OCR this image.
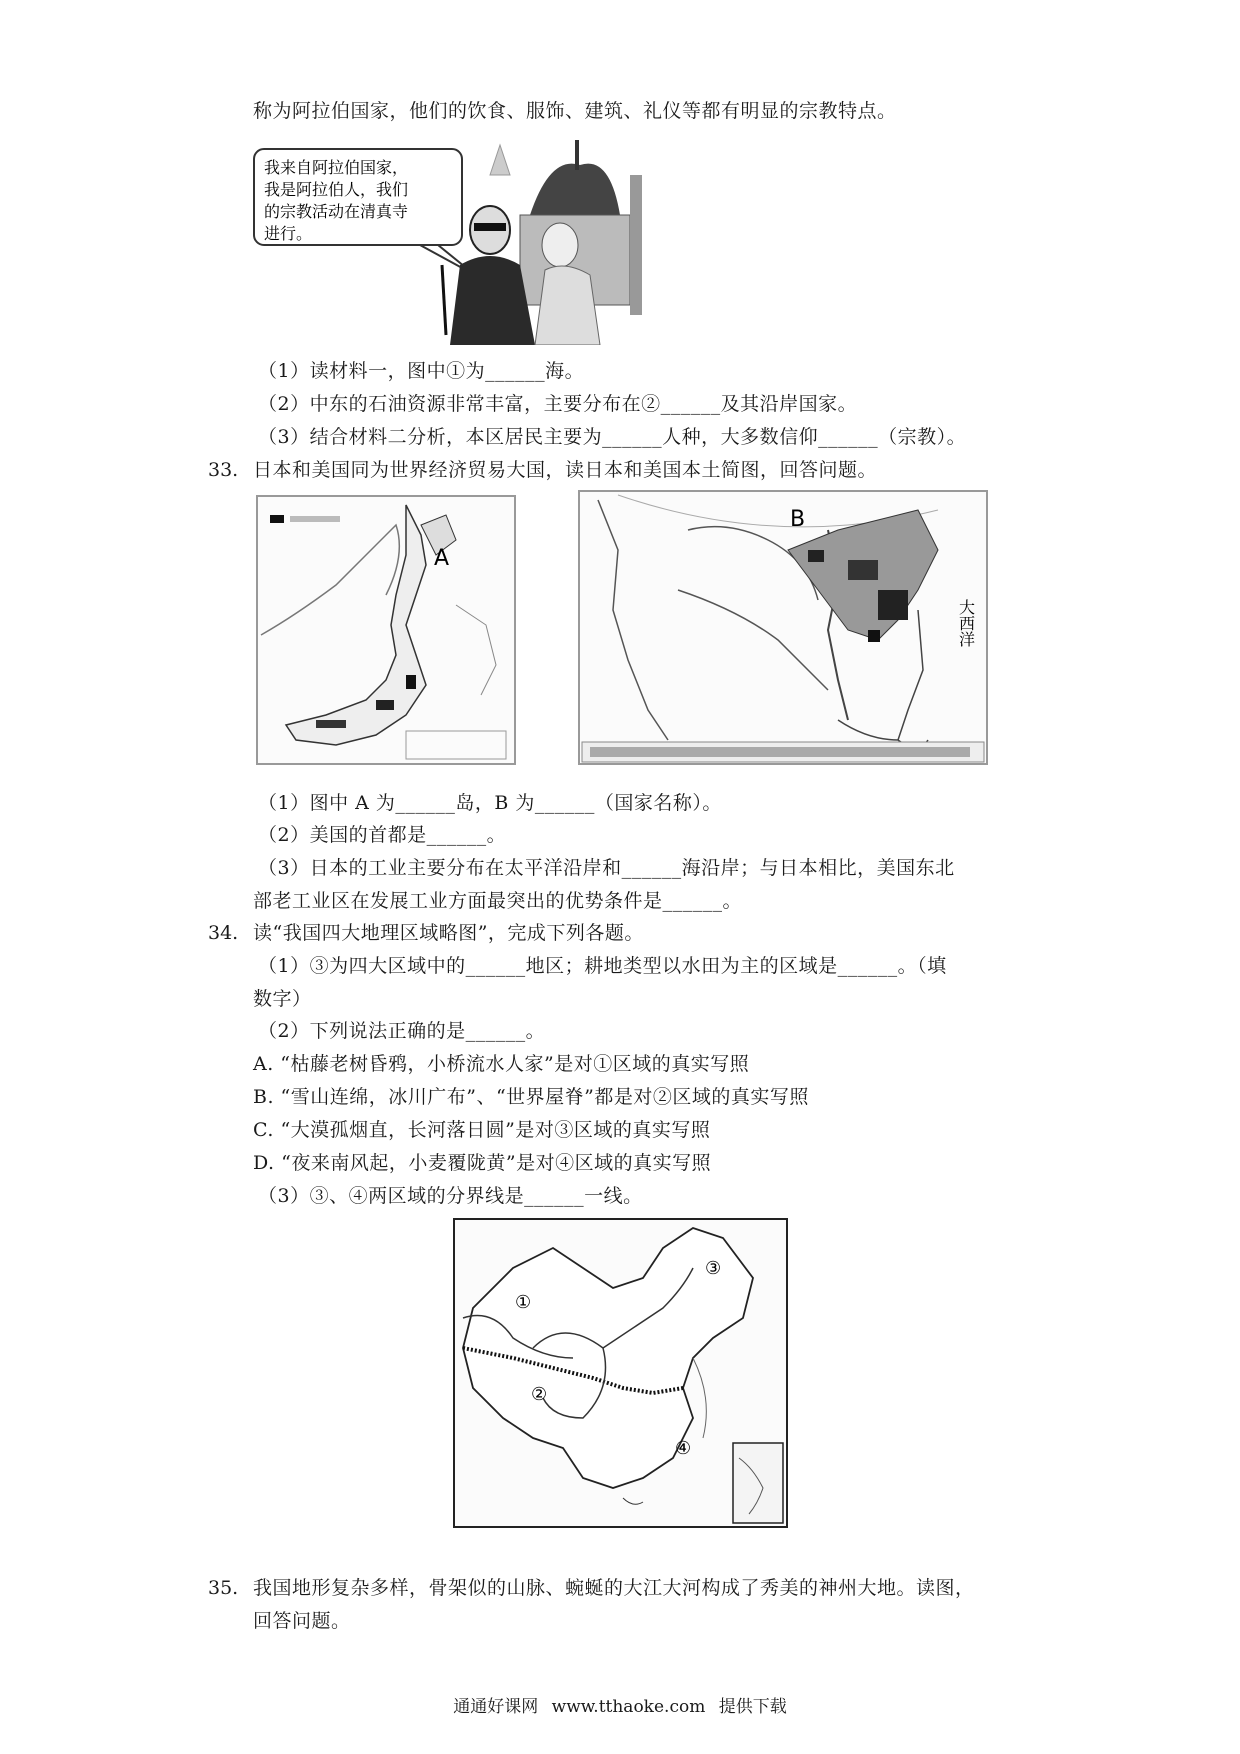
称为阿拉伯国家，他们的饮食、服饰、建筑、礼仪等都有明显的宗教特点。
我来自阿拉伯国家，
我是阿拉伯人，我们
的宗教活动在清真寺
进行。
（1）读材料一，图中①为______海。
（2）中东的石油资源非常丰富，主要分布在②______及其沿岸国家。
（3）结合材料二分析，本区居民主要为______人种，大多数信仰______（宗教）。
33. 日本和美国同为世界经济贸易大国，读日本和美国本土简图，回答问题。
A
B
大西洋
（1）图中 A 为______岛，B 为______（国家名称）。
（2）美国的首都是______。
（3）日本的工业主要分布在太平洋沿岸和______海沿岸；与日本相比，美国东北
部老工业区在发展工业方面最突出的优势条件是______。
34. 读“我国四大地理区域略图”，完成下列各题。
（1）③为四大区域中的______地区；耕地类型以水田为主的区域是______。（填
数字）
（2）下列说法正确的是______。
A. “枯藤老树昏鸦，小桥流水人家”是对①区域的真实写照
B. “雪山连绵，冰川广布”、“世界屋脊”都是对②区域的真实写照
C. “大漠孤烟直，长河落日圆”是对③区域的真实写照
D. “夜来南风起，小麦覆陇黄”是对④区域的真实写照
（3）③、④两区域的分界线是______一线。
①
②
③
④
35. 我国地形复杂多样，骨架似的山脉、蜿蜒的大江大河构成了秀美的神州大地。读图，
回答问题。
通通好课网 www.tthaoke.com 提供下载
